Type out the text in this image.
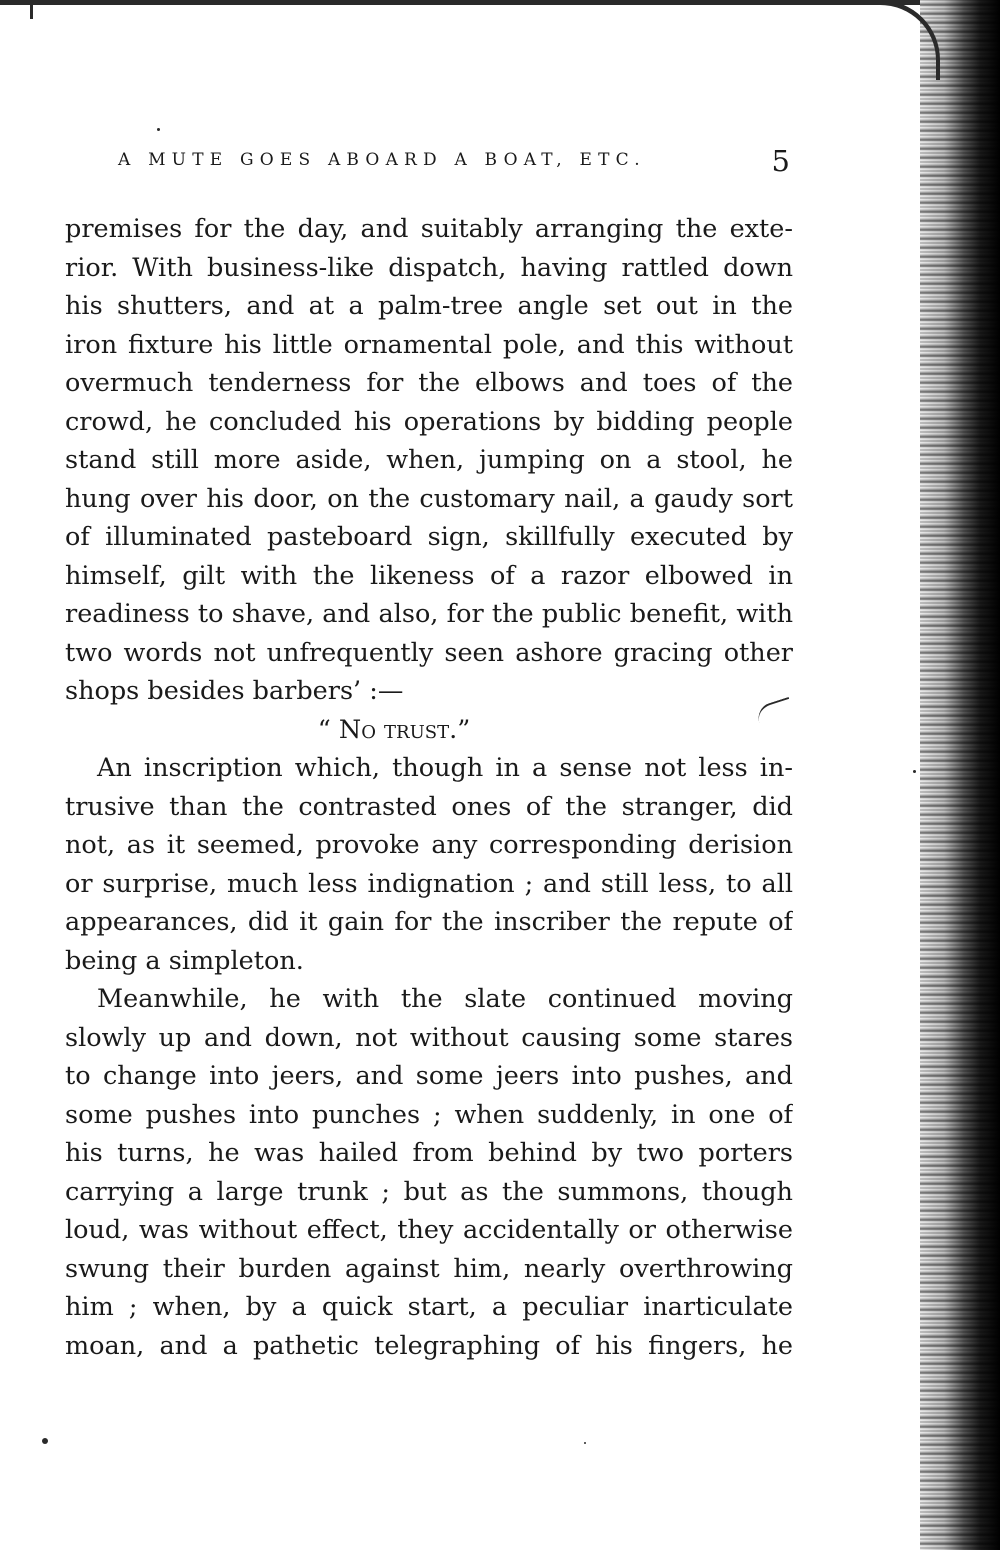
A MUTE GOES ABOARD A BOAT, ETC.	5
premises for the day, and suitably arranging the exte-
rior. With business-like dispatch, having rattled down
his shutters, and at a palm-tree angle set out in the
iron fixture his little ornamental pole, and this without
overmuch tenderness for the elbows and toes of the
crowd, he concluded his operations by bidding people
stand still more aside, when, jumping on a stool, he
hung over his door, on the customary nail, a gaudy sort
of illuminated pasteboard sign, skillfully executed by
himself, gilt with the likeness of a razor elbowed in
readiness to shave, and also, for the public benefit, with
two words not unfrequently seen ashore gracing other
shops besides barbers’ :—
“ No trust.”
An inscription which, though in a sense not less in-
trusive than the contrasted ones of the stranger, did
not, as it seemed, provoke any corresponding derision
or surprise, much less indignation ; and still less, to all
appearances, did it gain for the inscriber the repute of
being a simpleton.
Meanwhile, he with the slate continued moving
slowly up and down, not without causing some stares
to change into jeers, and some jeers into pushes, and
some pushes into punches ; when suddenly, in one of
his turns, he was hailed from behind by two porters
carrying a large trunk ; but as the summons, though
loud, was without effect, they accidentally or otherwise
swung their burden against him, nearly overthrowing
him ; when, by a quick start, a peculiar inarticulate
moan, and a pathetic telegraphing of his fingers, he
